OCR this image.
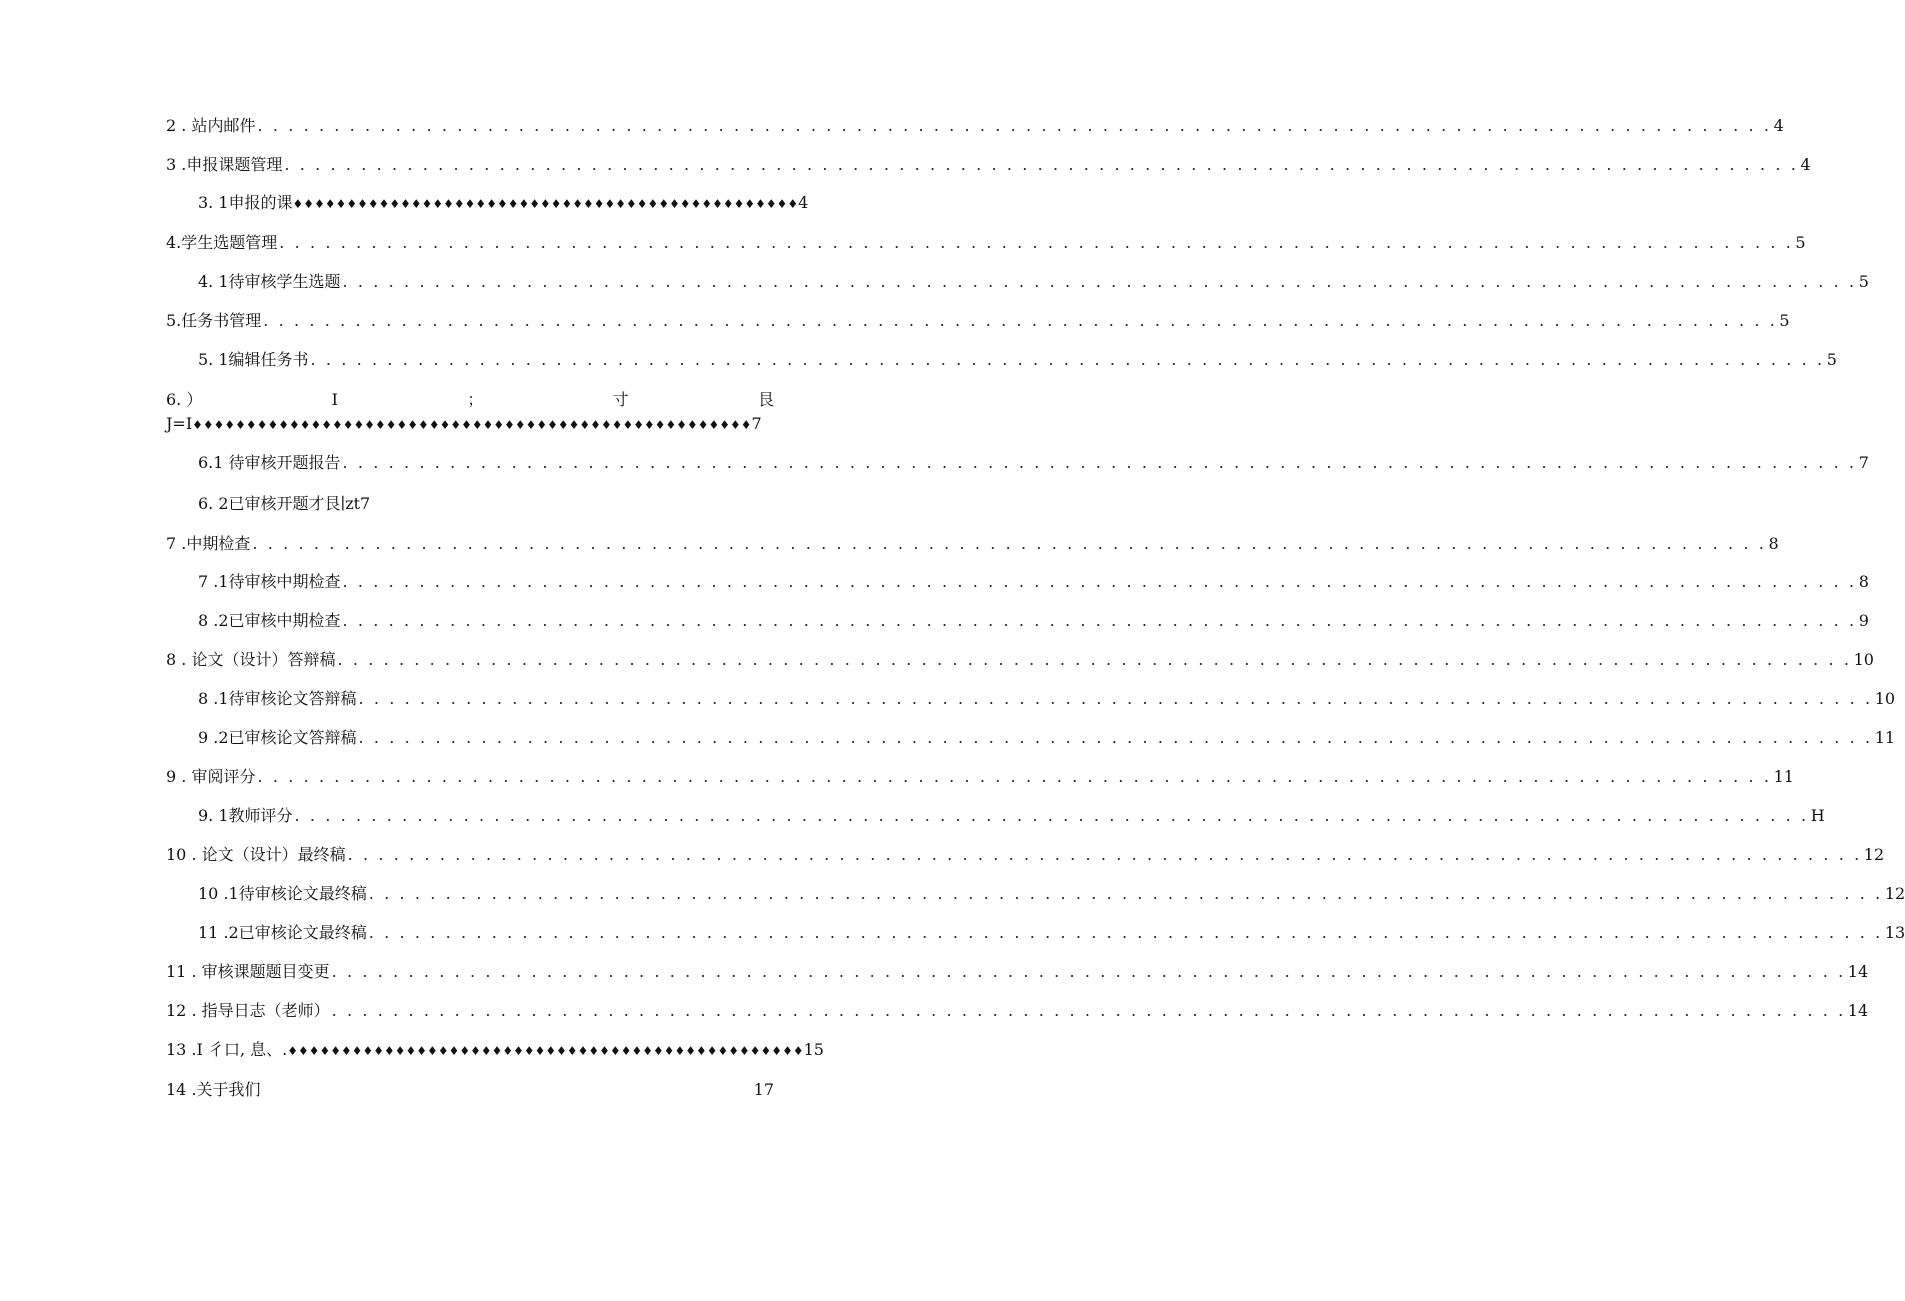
2 . 站内邮件 . . .	4
3 .申报课题管理 . . .	4
3. 1申报的课♦♦♦♦♦♦♦♦♦♦♦♦♦♦♦♦♦♦♦♦♦♦♦♦♦♦♦♦♦♦♦♦♦♦♦♦♦♦♦♦♦♦♦♦♦♦♦4
4.学生选题管理 . . .	5
4. 1待审核学生选题 . . .	5
5.任务书管理 . . .	5
5. 1编辑任务书 . . .	5
6. ）	I	；	寸	艮
J=I♦♦♦♦♦♦♦♦♦♦♦♦♦♦♦♦♦♦♦♦♦♦♦♦♦♦♦♦♦♦♦♦♦♦♦♦♦♦♦♦♦♦♦♦♦♦♦♦♦♦♦♦7
6.1 待审核开题报告 . . .	7
6. 2已审核开题才艮∣zt7
7 .中期检查 . . .	8
7 .1待审核中期检查 . . .	8
8 .2已审核中期检查 . . .	9
8 . 论文（设计）答辩稿 . . .	10
8 .1待审核论文答辩稿 . . .	10
9 .2已审核论文答辩稿 . . .	11
9 . 审阅评分 . . .	11
9. 1教师评分 . . .	H
10 . 论文（设计）最终稿 . . .	12
10 .1待审核论文最终稿 . . .	12
11 .2已审核论文最终稿 . . .	13
11 . 审核课题题目变更 . . .	14
12 . 指导日志（老师） . . .	14
13 .I 彳口, 息、.♦♦♦♦♦♦♦♦♦♦♦♦♦♦♦♦♦♦♦♦♦♦♦♦♦♦♦♦♦♦♦♦♦♦♦♦♦♦♦♦♦♦♦♦♦♦♦♦15
14 .关于我们	17
